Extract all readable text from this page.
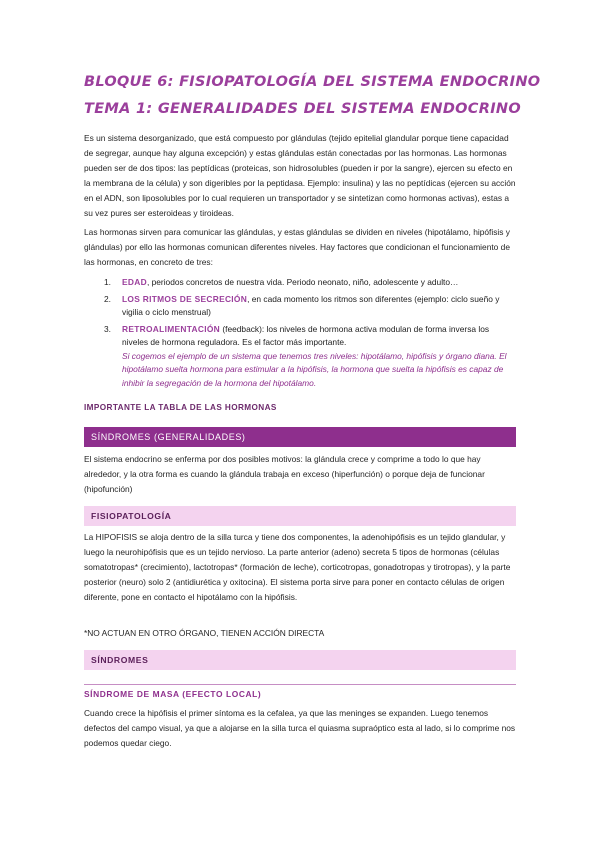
BLOQUE 6: FISIOPATOLOGÍA DEL SISTEMA ENDOCRINO
TEMA 1: GENERALIDADES DEL SISTEMA ENDOCRINO
Es un sistema desorganizado, que está compuesto por glándulas (tejido epitelial glandular porque tiene capacidad de segregar, aunque hay alguna excepción) y estas glándulas están conectadas por las hormonas. Las hormonas pueden ser de dos tipos: las peptídicas (proteicas, son hidrosolubles (pueden ir por la sangre), ejercen su efecto en la membrana de la célula) y son digeribles por la peptidasa. Ejemplo: insulina) y las no peptídicas (ejercen su acción en el ADN, son liposolubles por lo cual requieren un transportador y se sintetizan como hormonas activas), estas a su vez pures ser esteroideas y tiroideas.
Las hormonas sirven para comunicar las glándulas, y estas glándulas se dividen en niveles (hipotálamo, hipófisis y glándulas) por ello las hormonas comunican diferentes niveles. Hay factores que condicionan el funcionamiento de las hormonas, en concreto de tres:
1. EDAD, periodos concretos de nuestra vida. Periodo neonato, niño, adolescente y adulto…
2. LOS RITMOS DE SECRECIÓN, en cada momento los ritmos son diferentes (ejemplo: ciclo sueño y vigilia o ciclo menstrual)
3. RETROALIMENTACIÓN (feedback): los niveles de hormona activa modulan de forma inversa los niveles de hormona reguladora. Es el factor más importante.
Si cogemos el ejemplo de un sistema que tenemos tres niveles: hipotálamo, hipófisis y órgano diana. El hipotálamo suelta hormona para estimular a la hipófisis, la hormona que suelta la hipófisis es capaz de inhibir la segregación de la hormona del hipotálamo.
IMPORTANTE LA TABLA DE LAS HORMONAS
SÍNDROMES (GENERALIDADES)
El sistema endocrino se enferma por dos posibles motivos: la glándula crece y comprime a todo lo que hay alrededor, y la otra forma es cuando la glándula trabaja en exceso (hiperfunción) o porque deja de funcionar (hipofunción)
FISIOPATOLOGÍA
La HIPOFISIS se aloja dentro de la silla turca y tiene dos componentes, la adenohipófisis es un tejido glandular, y luego la neurohipófisis que es un tejido nervioso. La parte anterior (adeno) secreta 5 tipos de hormonas (células somatotropas* (crecimiento), lactotropas* (formación de leche), corticotropas, gonadotropas y tirotropas), y la parte posterior (neuro) solo 2 (antidiurética y oxitocina). El sistema porta sirve para poner en contacto células de origen diferente, pone en contacto el hipotálamo con la hipófisis.
*NO ACTUAN EN OTRO ÓRGANO, TIENEN ACCIÓN DIRECTA
SÍNDROMES
SÍNDROME DE MASA (EFECTO LOCAL)
Cuando crece la hipófisis el primer síntoma es la cefalea, ya que las meninges se expanden. Luego tenemos defectos del campo visual, ya que a alojarse en la silla turca el quiasma supraóptico esta al lado, si lo comprime nos podemos quedar ciego.
